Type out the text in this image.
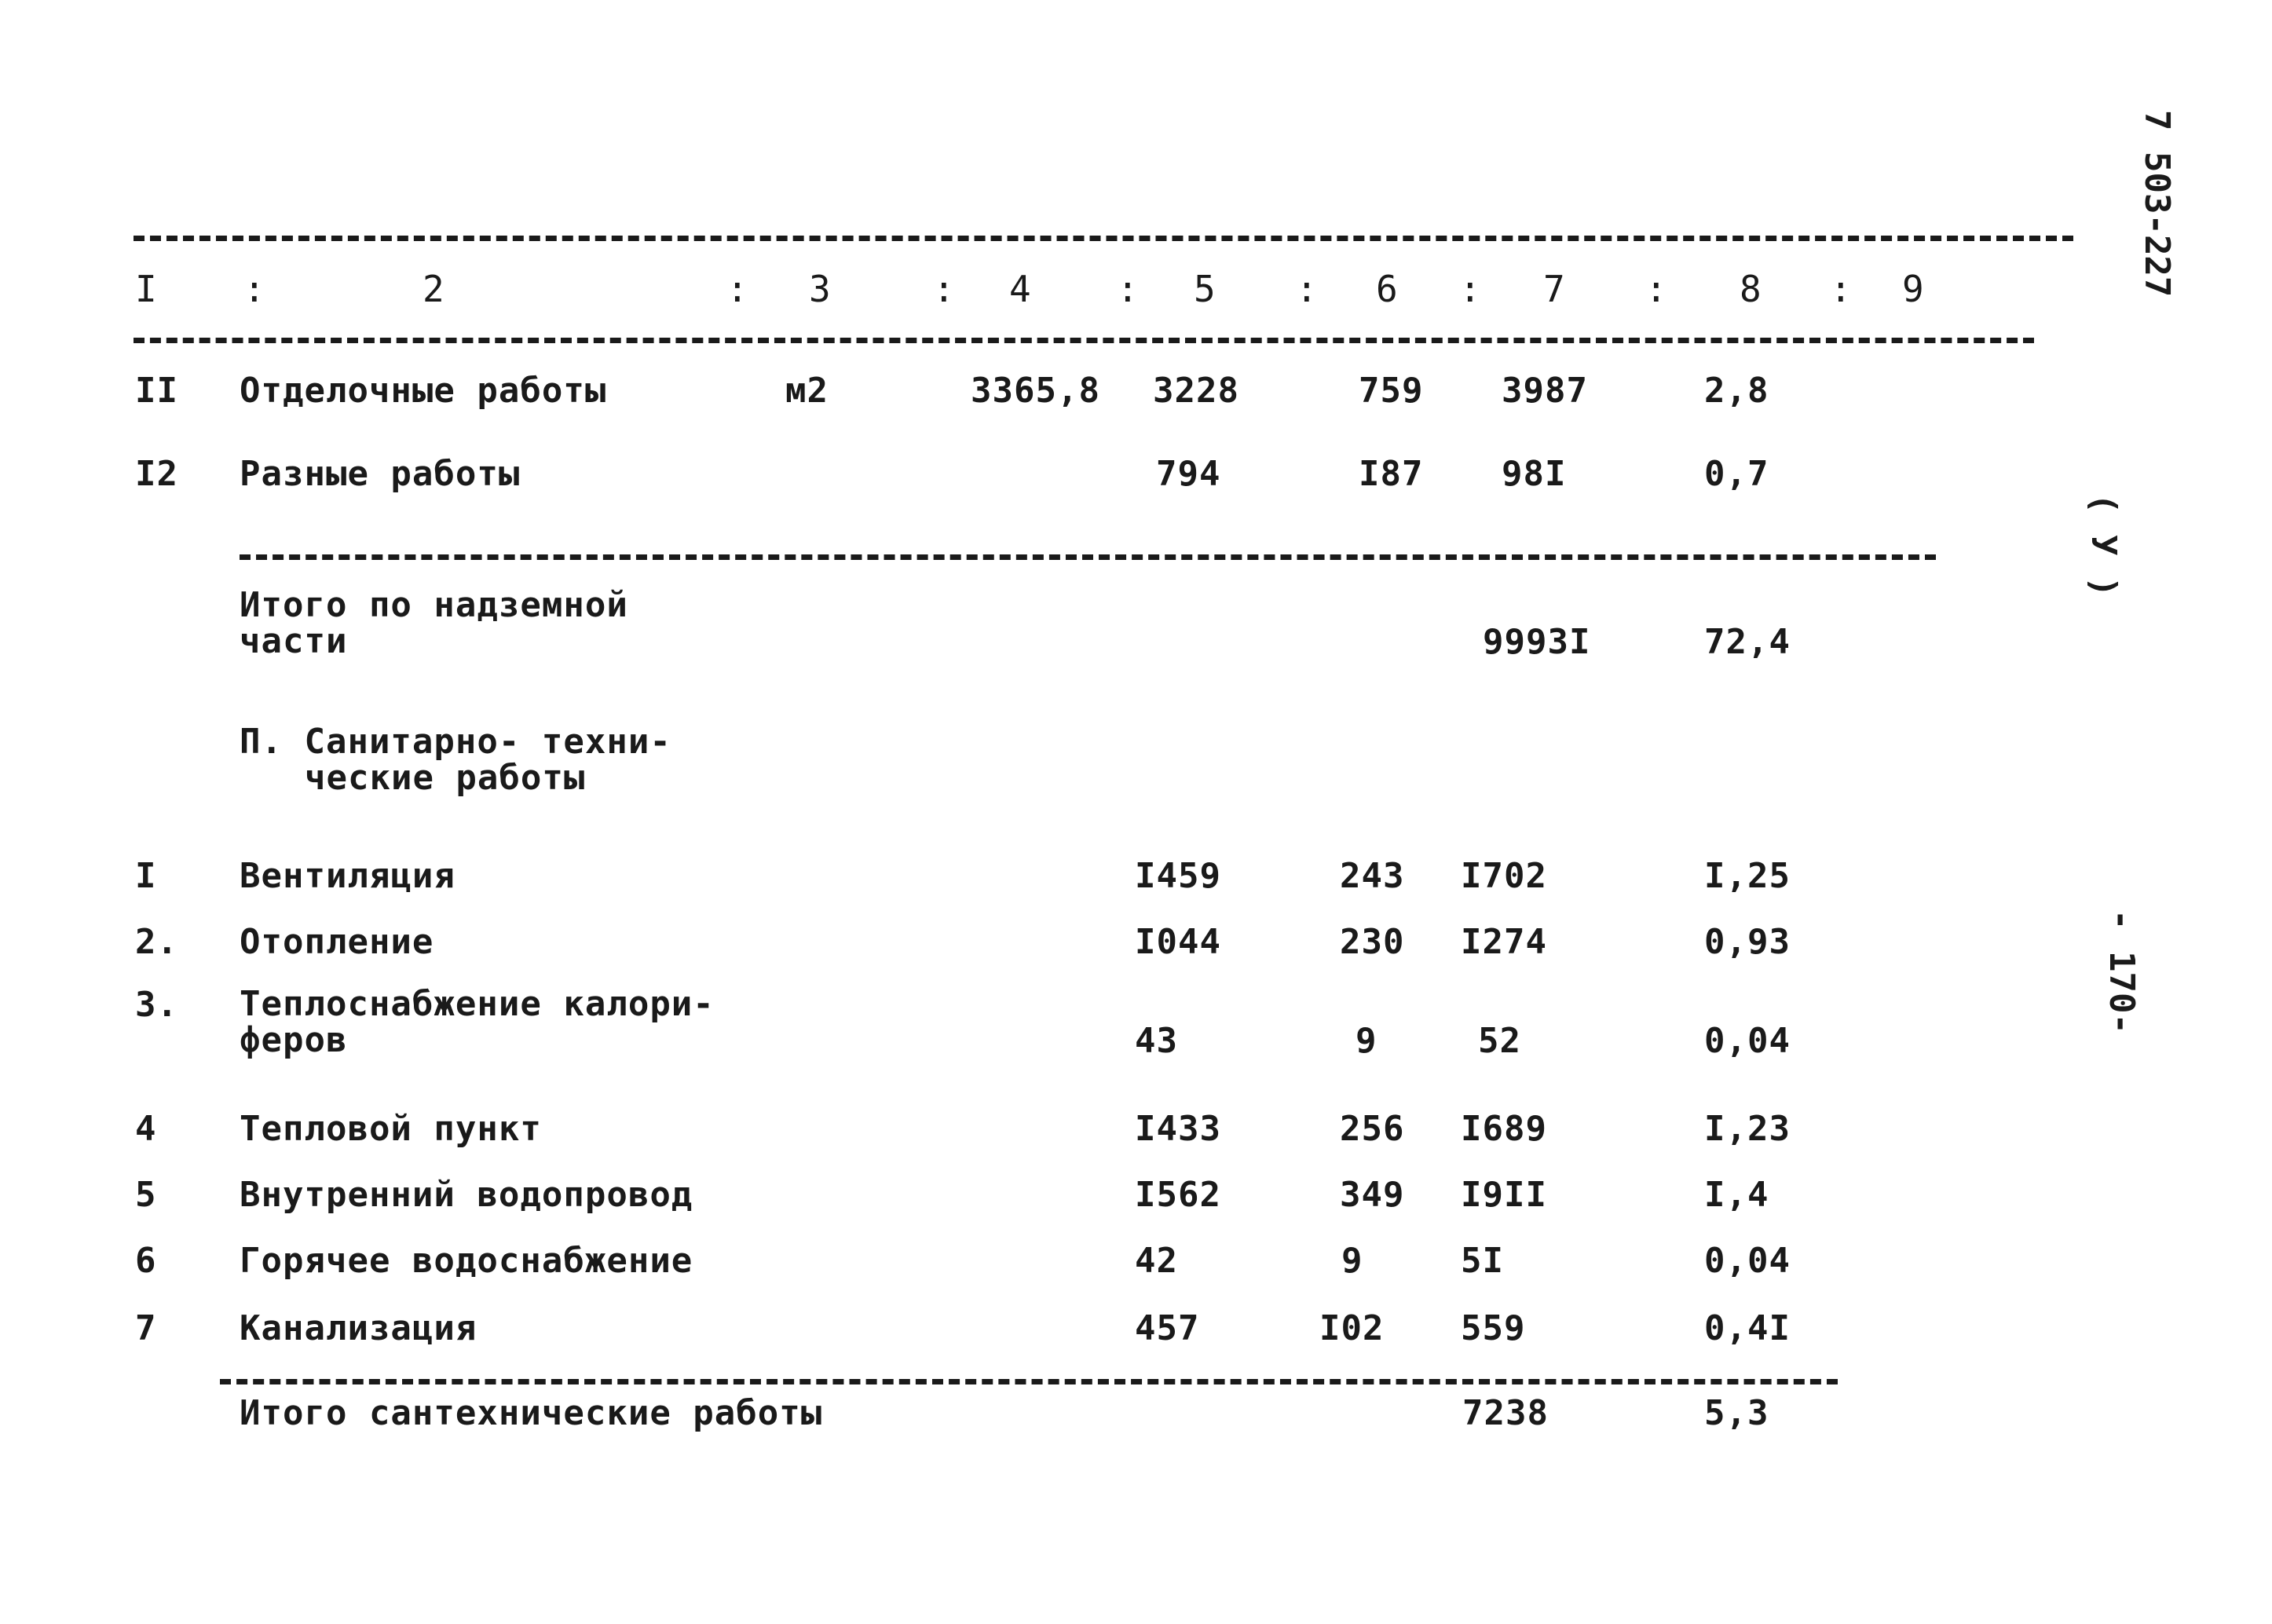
7 503-227
( У )
- 170-
I :	2	: 3	: 4 : 5 : 6 : 7 : 8 : 9
II Отделочные работы	м2	3365,8 3228	759 3987	2,8
I2 Разные работы	794	I87 98I	0,7
Итого по надземной
части	9993I	72,4
П. Санитарно- техни-
ческие работы
I Вентиляция	I459	243 I702	I,25
2. Отопление	I044	230 I274	0,93
3. Теплоснабжение калори-
феров	43	9	52	0,04
4 Тепловой пункт	I433	256 I689	I,23
5 Внутренний водопровод	I562	349 I9II	I,4
6 Горячее водоснабжение	42	9	5I	0,04
7 Канализация	457	I02 559	0,4I
Итого сантехнические работы	7238	5,3
